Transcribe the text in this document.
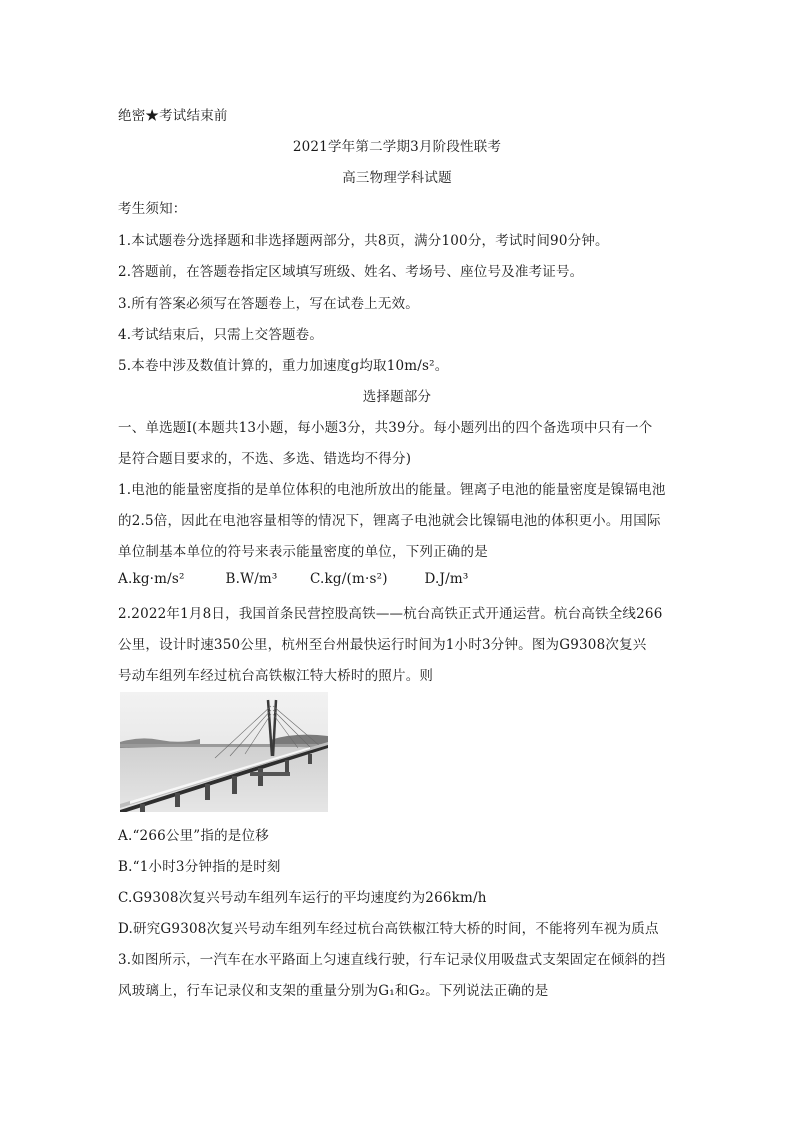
绝密★考试结束前
2021学年第二学期3月阶段性联考
高三物理学科试题
考生须知：
1.本试题卷分选择题和非选择题两部分，共8页，满分100分，考试时间90分钟。
2.答题前，在答题卷指定区域填写班级、姓名、考场号、座位号及准考证号。
3.所有答案必须写在答题卷上，写在试卷上无效。
4.考试结束后，只需上交答题卷。
5.本卷中涉及数值计算的，重力加速度g均取10m/s²。
选择题部分
一、单选题Ⅰ(本题共13小题，每小题3分，共39分。每小题列出的四个备选项中只有一个
是符合题目要求的，不选、多选、错选均不得分)
1.电池的能量密度指的是单位体积的电池所放出的能量。锂离子电池的能量密度是镍镉电池
的2.5倍，因此在电池容量相等的情况下，锂离子电池就会比镍镉电池的体积更小。用国际
单位制基本单位的符号来表示能量密度的单位，下列正确的是
A.kg·m/s²	B.W/m³ C.kg/(m·s²)	D.J/m³
2.2022年1月8日，我国首条民营控股高铁——杭台高铁正式开通运营。杭台高铁全线266
公里，设计时速350公里，杭州至台州最快运行时间为1小时3分钟。图为G9308次复兴
号动车组列车经过杭台高铁椒江特大桥时的照片。则
A.“266公里”指的是位移
B.“1小时3分钟指的是时刻
C.G9308次复兴号动车组列车运行的平均速度约为266km/h
D.研究G9308次复兴号动车组列车经过杭台高铁椒江特大桥的时间，不能将列车视为质点
3.如图所示，一汽车在水平路面上匀速直线行驶，行车记录仪用吸盘式支架固定在倾斜的挡
风玻璃上，行车记录仪和支架的重量分别为G₁和G₂。下列说法正确的是
